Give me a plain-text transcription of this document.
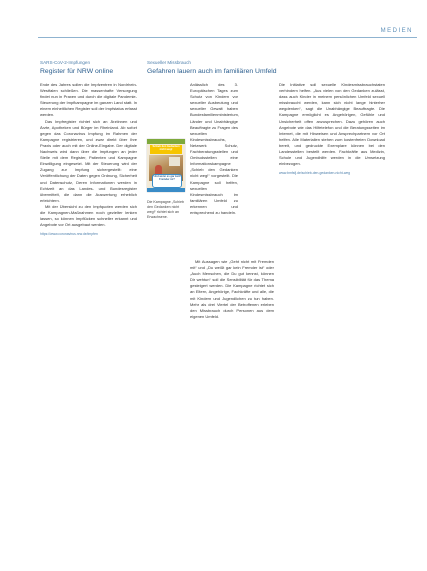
MEDIEN
SARS-CoV-2-Impfungen
Register für NRW online

Ende des Jahres sollen die Impfzentren in Nordrhein-Westfalen schließen. Die massenhafte Versorgung findet nun in Praxen und durch die digitale Pandemie-Steuerung der Impfkampagne im ganzen Land statt. In einem einheitlichen Register soll der Impfstatus erfasst werden.

Das Impfregister richtet sich an Ärztinnen und Ärzte, Apotheken und Bürger im Rheinland. Ab sofort gegen das Coronavirus Impfung im Rahmen der Kampagne registrieren, und zwar direkt über Ihre Praxis oder auch mit der Online-Eingabe. Der digitale Nachweis wird dann über die Impfungen an jeder Stelle mit dem Register, Patienten und Kampagne Einwilligung eingesetzt. Mit der Steuerung wird der Zugang zur Impfung sichergestellt: eine Veröffentlichung der Daten gegen Ordnung, Sicherheit und Datenschutz, Deren Informationen werden in Echtzeit an das Landes- und Bundesregister übermittelt, die dann die Auswertung erheblich erleichtern.

Mit der Übersicht zu den Impfquoten werden sich die Kampagnen-Maßnahmen noch gezielter lenken lassen, so können Impflücken schneller erkannt und Angebote vor Ort ausgebaut werden.

https://www.coronavirus.nrw.de/impfen

Sexueller Missbrauch
Gefahren lauern auch im familiären Umfeld
Schieb den Gedanken nicht weg!
Und wenn es gar kein Fremder ist?
Die Kampagne „Schieb den Gedanken nicht weg!“ richtet sich an Erwachsene.

Anlässlich des 3. Europäischen Tages zum Schutz von Kindern vor sexueller Ausbeutung und sexueller Gewalt haben Bundesfamilienministerium, Länder und Unabhängige Beauftragte zu Fragen des sexuellen Kindesmissbrauchs, Netzwerk Schutz, Fachberatungsstellen und Ombudsstellen eine Informationskampagne „Schieb den Gedanken nicht weg!“ vorgestellt. Die Kampagne soll helfen, sexuellen Kindesmissbrauch im familiären Umfeld zu erkennen und entsprechend zu handeln.

Mit Aussagen wie „Geht nicht mit Fremden mit“ und „Du weißt gar kein Fremder ist“ oder „Auch Menschen, die Du gut kennst, können Dir wehtun“ soll die Sensibilität für das Thema gesteigert werden. Die Kampagne richtet sich an Eltern, Angehörige, Fachkräfte und alle, die mit Kindern und Jugendlichen zu tun haben. Mehr als drei Viertel der Betroffenen erleben den Missbrauch durch Personen aus dem eigenen Umfeld.

Die Initiative soll sexuelle Kindesmissbrauchstaten verhindern helfen. „Aus vielen von den Gedanken zulässt, dass auch Kinder in meinem persönlichen Umfeld sexuell missbraucht werden, kann sich nicht lange hinterher wegdenken“, sagt die Unabhängige Beauftragte. Die Kampagne ermöglicht es Angehörigen, Gefühle und Unsicherheit offen anzusprechen. Dazu gehören auch Angebote wie das Hilfetelefon und die Beratungsseiten im Internet, die mit Hinweisen und Ansprechpartnern vor Ort helfen. Alle Materialien stehen zum kostenfreien Download bereit, und gedruckte Exemplare können bei den Landesstellen bestellt werden. Fachkräfte aus Medizin, Schule und Jugendhilfe werden in die Umsetzung einbezogen.

www.bmfsfj.de/schieb-den-gedanken-nicht-weg
